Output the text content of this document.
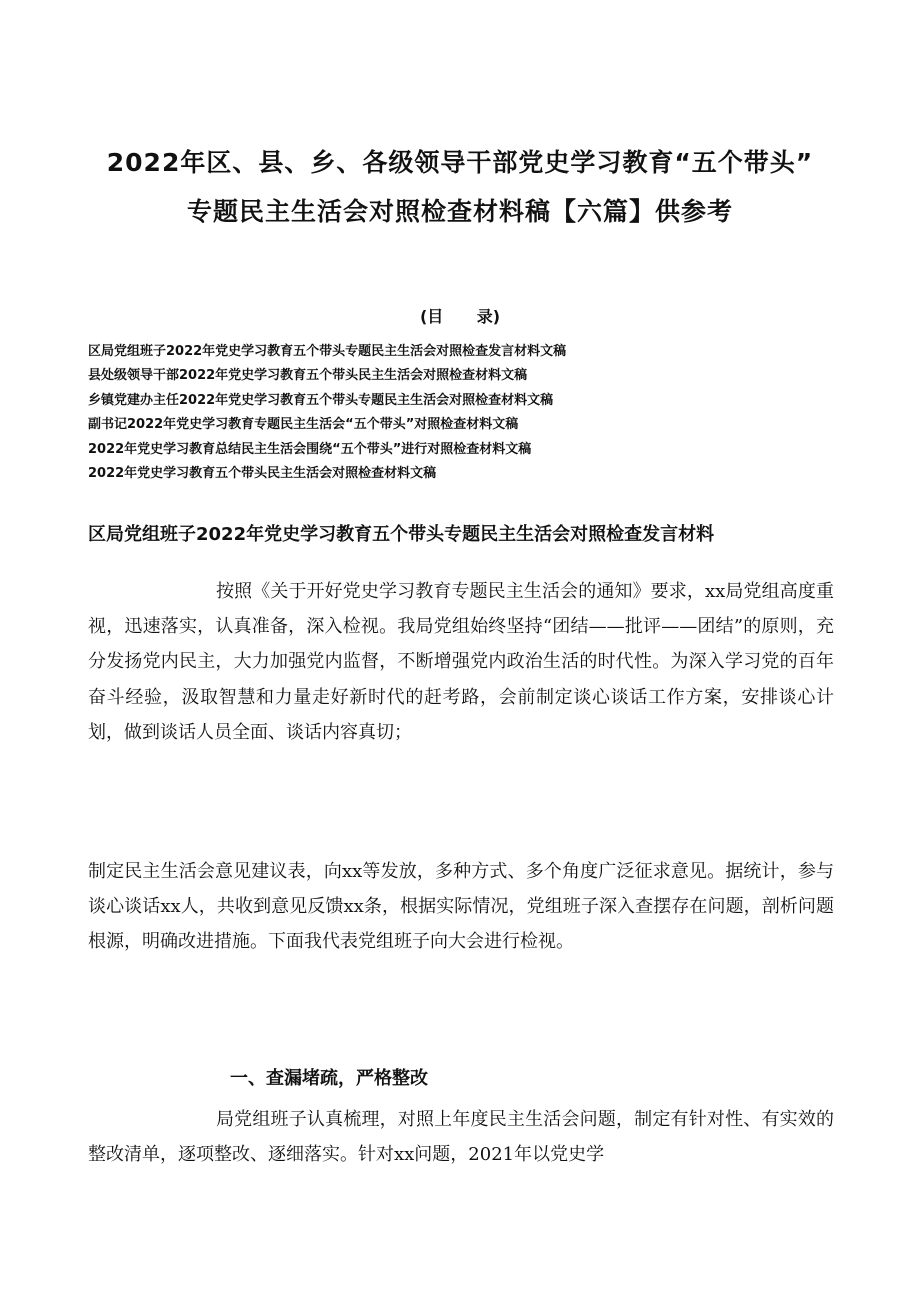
2022年区、县、乡、各级领导干部党史学习教育“五个带头”
专题民主生活会对照检查材料稿【六篇】供参考
(目      录)
区局党组班子2022年党史学习教育五个带头专题民主生活会对照检查发言材料文稿
县处级领导干部2022年党史学习教育五个带头民主生活会对照检查材料文稿
乡镇党建办主任2022年党史学习教育五个带头专题民主生活会对照检查材料文稿
副书记2022年党史学习教育专题民主生活会“五个带头”对照检查材料文稿
2022年党史学习教育总结民主生活会围绕“五个带头”进行对照检查材料文稿
2022年党史学习教育五个带头民主生活会对照检查材料文稿
区局党组班子2022年党史学习教育五个带头专题民主生活会对照检查发言材料

按照《关于开好党史学习教育专题民主生活会的通知》要求，xx局党组高度重视，迅速落实，认真准备，深入检视。我局党组始终坚持“团结——批评——团结”的原则，充分发扬党内民主，大力加强党内监督，不断增强党内政治生活的时代性。为深入学习党的百年奋斗经验，汲取智慧和力量走好新时代的赶考路，会前制定谈心谈话工作方案，安排谈心计划，做到谈话人员全面、谈话内容真切；

制定民主生活会意见建议表，向xx等发放，多种方式、多个角度广泛征求意见。据统计，参与谈心谈话xx人，共收到意见反馈xx条，根据实际情况，党组班子深入查摆存在问题，剖析问题根源，明确改进措施。下面我代表党组班子向大会进行检视。

一、查漏堵疏，严格整改

局党组班子认真梳理，对照上年度民主生活会问题，制定有针对性、有实效的整改清单，逐项整改、逐细落实。针对xx问题，2021年以党史学
